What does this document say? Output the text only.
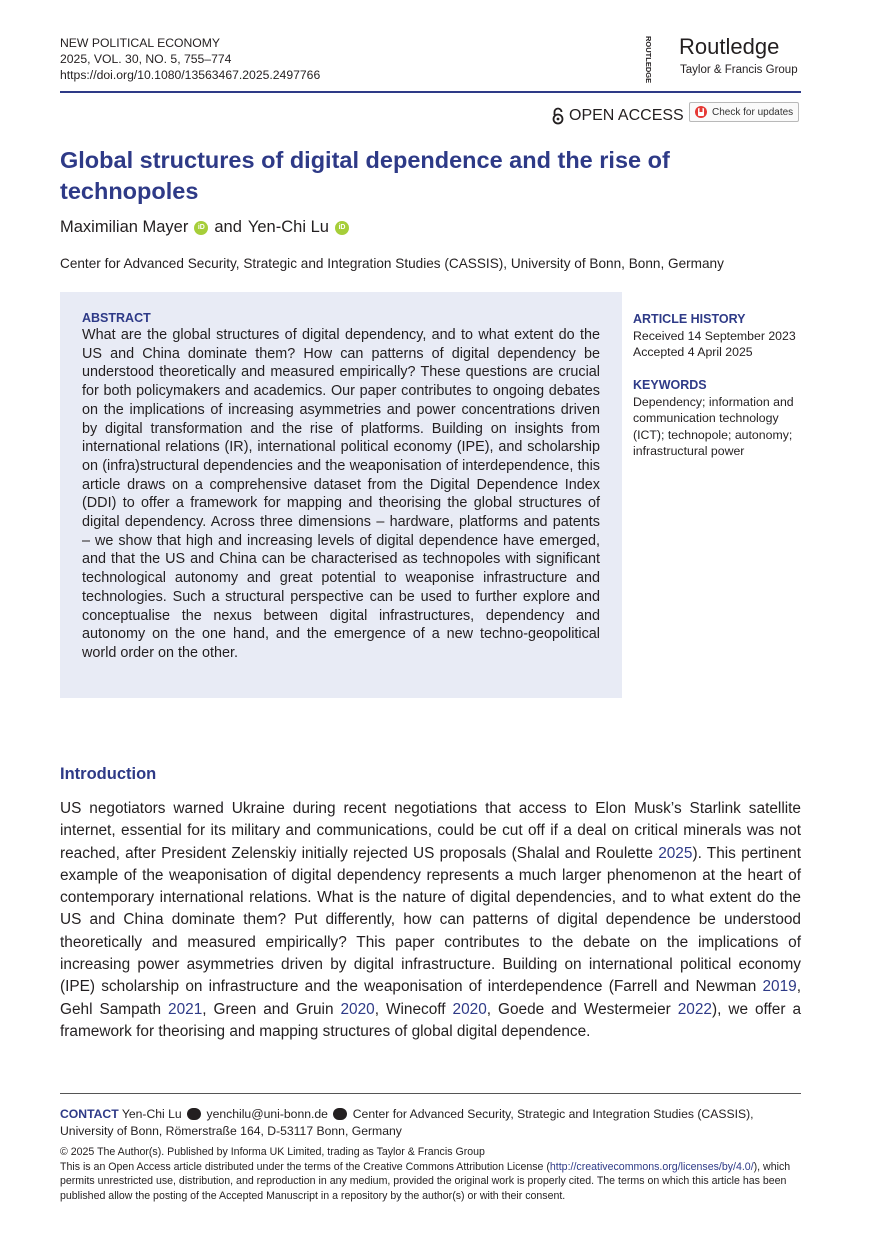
NEW POLITICAL ECONOMY
2025, VOL. 30, NO. 5, 755–774
https://doi.org/10.1080/13563467.2025.2497766	ROUTLEDGE Routledge
Taylor & Francis Group
OPEN ACCESS	Check for updates
Global structures of digital dependence and the rise of technopoles
Maximilian Mayer	iD and Yen-Chi Lu	iD
Center for Advanced Security, Strategic and Integration Studies (CASSIS), University of Bonn, Bonn, Germany
ABSTRACT
What are the global structures of digital dependency, and to what extent do the US and China dominate them? How can patterns of digital dependency be understood theoretically and measured empirically? These questions are crucial for both policymakers and academics. Our paper contributes to ongoing debates on the implications of increasing asymmetries and power concentrations driven by digital transformation and the rise of platforms. Building on insights from international relations (IR), international political economy (IPE), and scholarship on (infra)structural dependencies and the weaponisation of interdependence, this article draws on a comprehensive dataset from the Digital Dependence Index (DDI) to offer a framework for mapping and theorising the global structures of digital dependency. Across three dimensions – hardware, platforms and patents – we show that high and increasing levels of digital dependence have emerged, and that the US and China can be characterised as technopoles with significant technological autonomy and great potential to weaponise infrastructure and technologies. Such a structural perspective can be used to further explore and conceptualise the nexus between digital infrastructures, dependency and autonomy on the one hand, and the emergence of a new techno-geopolitical world order on the other.
ARTICLE HISTORY
Received 14 September 2023
Accepted 4 April 2025
KEYWORDS
Dependency; information and communication technology (ICT); technopole; autonomy; infrastructural power
Introduction
US negotiators warned Ukraine during recent negotiations that access to Elon Musk’s Starlink satellite internet, essential for its military and communications, could be cut off if a deal on critical minerals was not reached, after President Zelenskiy initially rejected US proposals (Shalal and Roulette 2025). This pertinent example of the weaponisation of digital dependency represents a much larger phenomenon at the heart of contemporary international relations. What is the nature of digital dependencies, and to what extent do the US and China dominate them? Put differently, how can patterns of digital dependence be understood theoretically and measured empirically? This paper contributes to the debate on the implications of increasing power asymmetries driven by digital infrastructure. Building on international political economy (IPE) scholarship on infrastructure and the weaponisation of interdependence (Farrell and Newman 2019, Gehl Sampath 2021, Green and Gruin 2020, Winecoff 2020, Goede and Westermeier 2022), we offer a framework for theorising and mapping structures of global digital dependence.
CONTACT Yen-Chi Lu yenchilu@uni-bonn.de Center for Advanced Security, Strategic and Integration Studies (CASSIS), University of Bonn, Römerstraße 164, D-53117 Bonn, Germany
© 2025 The Author(s). Published by Informa UK Limited, trading as Taylor & Francis Group
This is an Open Access article distributed under the terms of the Creative Commons Attribution License (http://creativecommons.org/licenses/by/4.0/), which permits unrestricted use, distribution, and reproduction in any medium, provided the original work is properly cited. The terms on which this article has been published allow the posting of the Accepted Manuscript in a repository by the author(s) or with their consent.
